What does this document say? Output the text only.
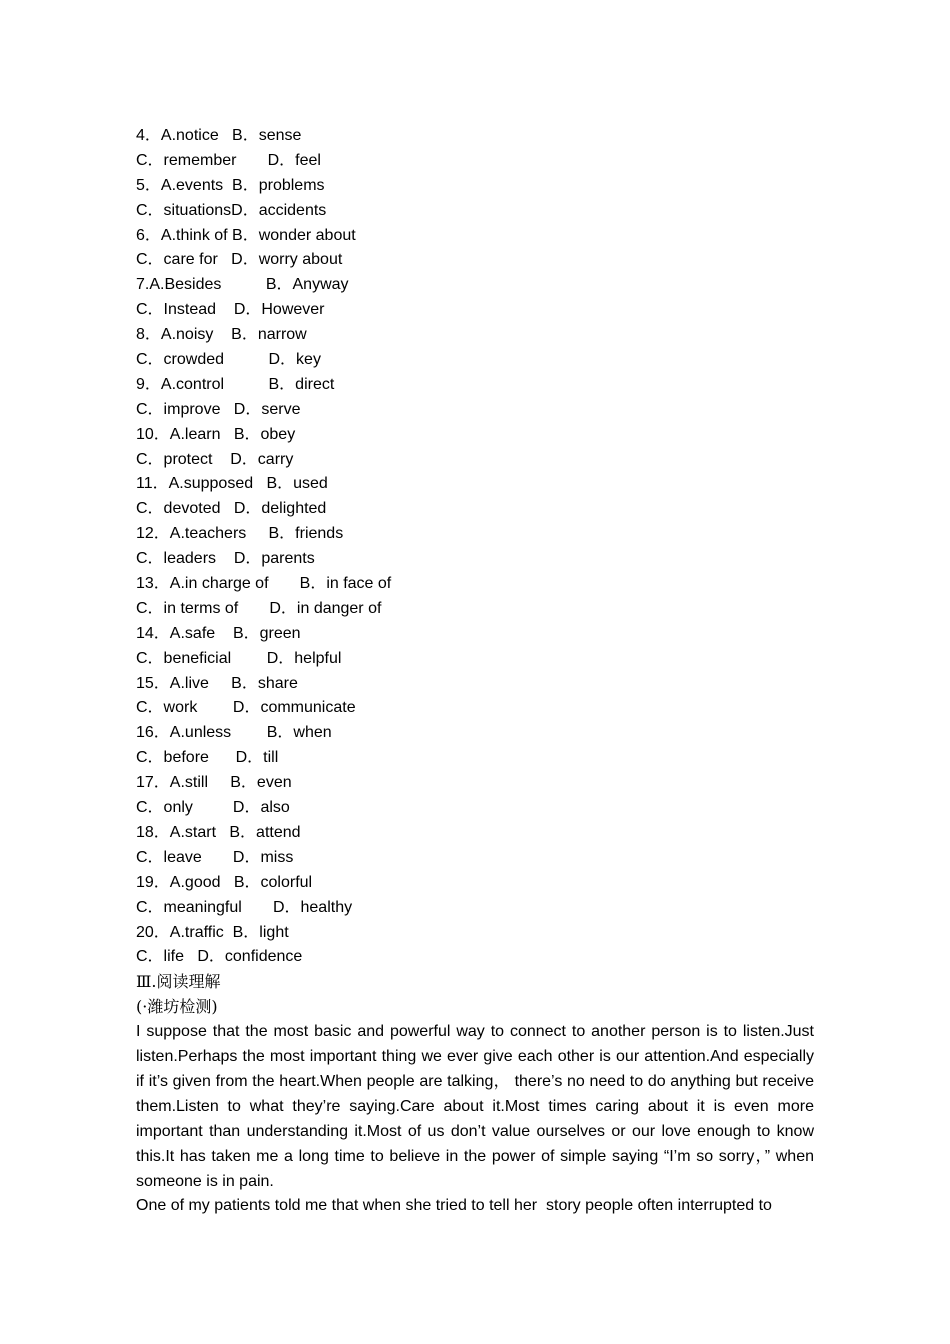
4．A.notice   B．sense
C．remember       D．feel
5．A.events  B．problems
C．situationsD．accidents
6．A.think of B．wonder about
C．care for   D．worry about
7.A.Besides          B．Anyway
C．Instead    D．However
8．A.noisy    B．narrow
C．crowded          D．key
9．A.control          B．direct
C．improve   D．serve
10．A.learn   B．obey
C．protect    D．carry
11．A.supposed   B．used
C．devoted   D．delighted
12．A.teachers     B．friends
C．leaders    D．parents
13．A.in charge of       B．in face of
C．in terms of       D．in danger of
14．A.safe    B．green
C．beneficial        D．helpful
15．A.live     B．share
C．work        D．communicate
16．A.unless        B．when
C．before      D．till
17．A.still     B．even
C．only         D．also
18．A.start   B．attend
C．leave       D．miss
19．A.good   B．colorful
C．meaningful       D．healthy
20．A.traffic  B．light
C．life   D．confidence
Ⅲ.阅读理解
(·潍坊检测)

I suppose that the most basic and powerful way to connect to another person is to listen.Just listen.Perhaps the most important thing we ever give each other is our attention.And especially if it’s given from the heart.When people are talking， there’s no need to do anything but receive them.Listen to what they’re saying.Care about it.Most times caring about it is even more important than understanding it.Most of us don’t value ourselves or our love enough to know this.It has taken me a long time to believe in the power of simple saying “I’m so sorry，” when someone is in pain.

One of my patients told me that when she tried to tell her  story people often interrupted to
